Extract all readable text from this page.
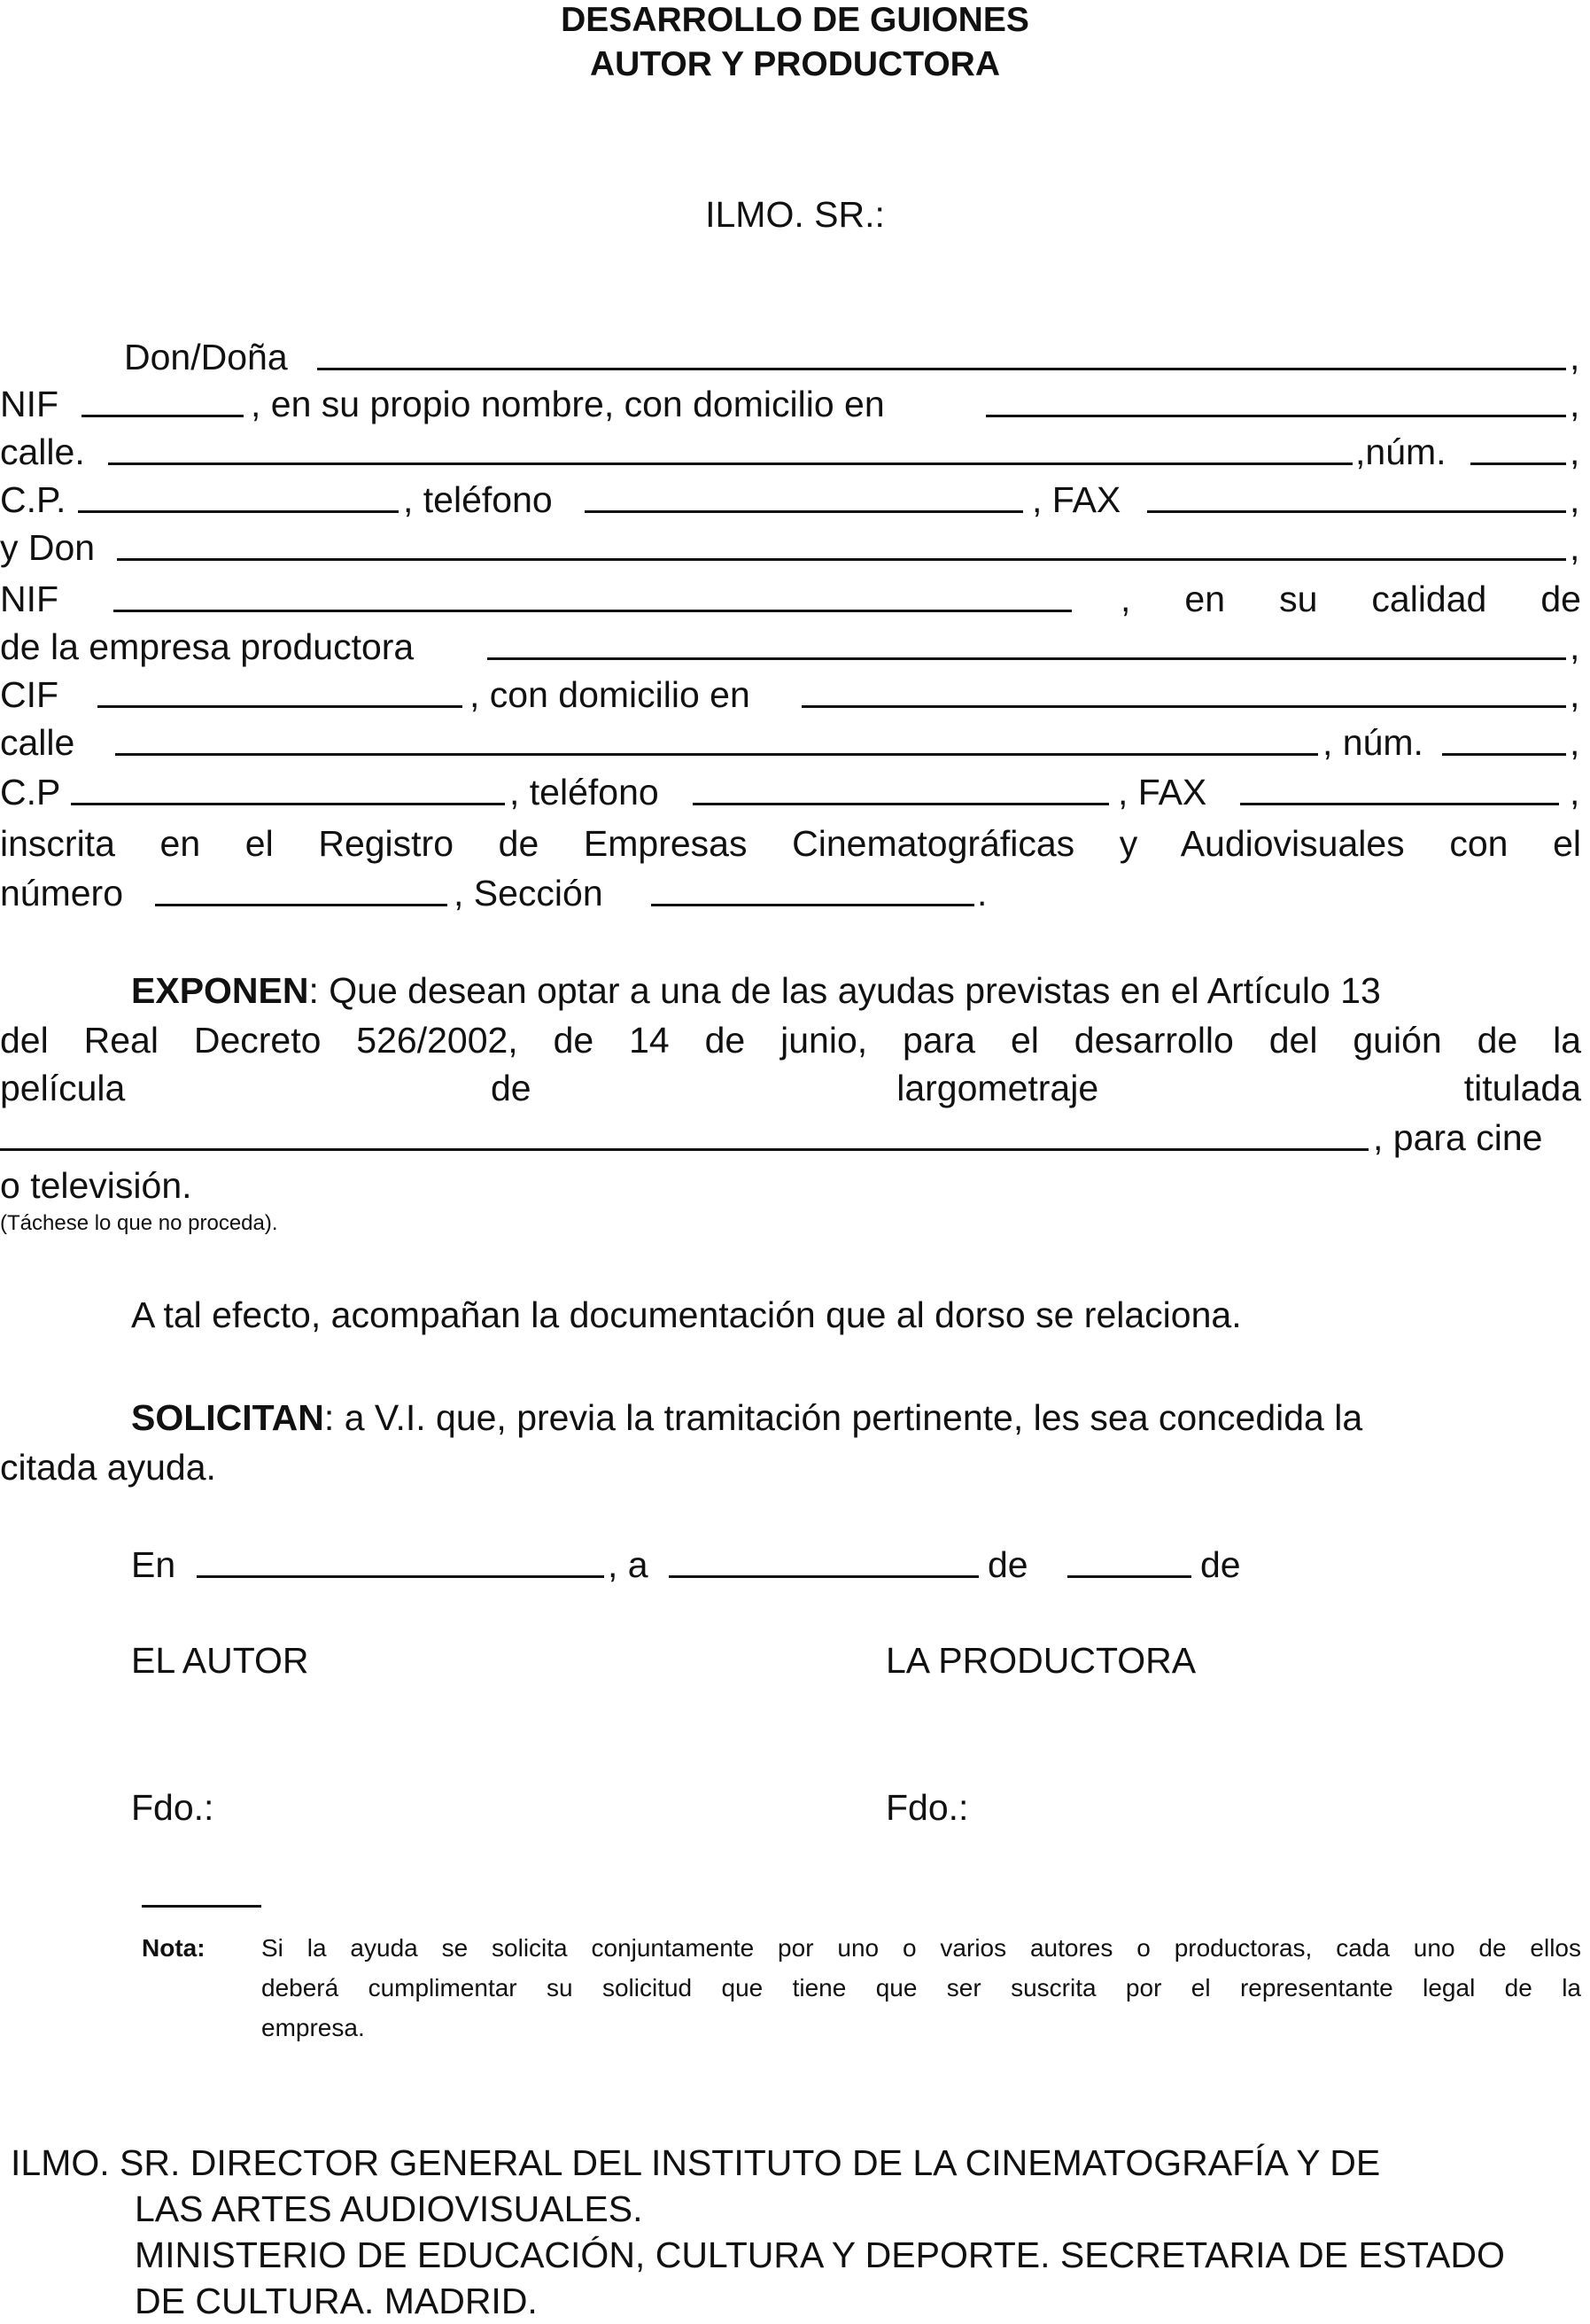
DESARROLLO DE GUIONES
AUTOR Y PRODUCTORA
ILMO. SR.:
Don/Doña	,
NIF	, en su propio nombre, con domicilio en	,
calle.	,núm.	,
C.P.	, teléfono	, FAX	,
y Don	,
NIF	, en su calidad de
de la empresa productora	,
CIF	, con domicilio en	,
calle	, núm.	,
C.P	, teléfono	, FAX	,
inscrita en el Registro de Empresas Cinematográficas y Audiovisuales con el
número	, Sección	.
EXPONEN: Que desean optar a una de las ayudas previstas en el Artículo 13
del Real Decreto 526/2002, de 14 de junio, para el desarrollo del guión de la
película de largometraje titulada
, para cine
o televisión.
(Táchese lo que no proceda).
A tal efecto, acompañan la documentación que al dorso se relaciona.
SOLICITAN: a V.I. que, previa la tramitación pertinente, les sea concedida la
citada ayuda.
En	, a	de	de
EL AUTOR	LA PRODUCTORA
Fdo.:	Fdo.:
Nota: Si la ayuda se solicita conjuntamente por uno o varios autores o productoras, cada uno de ellos
deberá cumplimentar su solicitud que tiene que ser suscrita por el representante legal de la
empresa.
ILMO. SR. DIRECTOR GENERAL DEL INSTITUTO DE LA CINEMATOGRAFÍA Y DE
LAS ARTES AUDIOVISUALES.
MINISTERIO DE EDUCACIÓN, CULTURA Y DEPORTE. SECRETARIA DE ESTADO
DE CULTURA. MADRID.
